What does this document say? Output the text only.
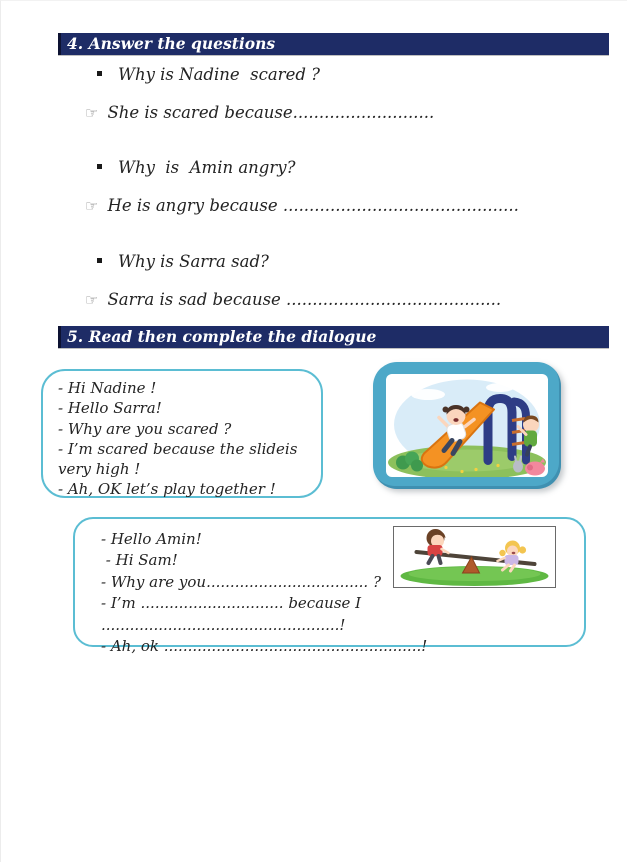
4. Answer the questions
Why is Nadine  scared ?
☞ She is scared because...........................
Why  is  Amin angry?
☞ He is angry because .............................................
Why is Sarra sad?
☞ Sarra is sad because .........................................
5. Read then complete the dialogue
- Hi Nadine !
- Hello Sarra!
- Why are you scared ?
- I’m scared because the slideis
very high !
- Ah, OK let’s play together !
- Hello Amin!
- Hi Sam!
- Why are you.................................. ?
- I’m .............................. because I ..................................................!
- Ah, ok ......................................................!
